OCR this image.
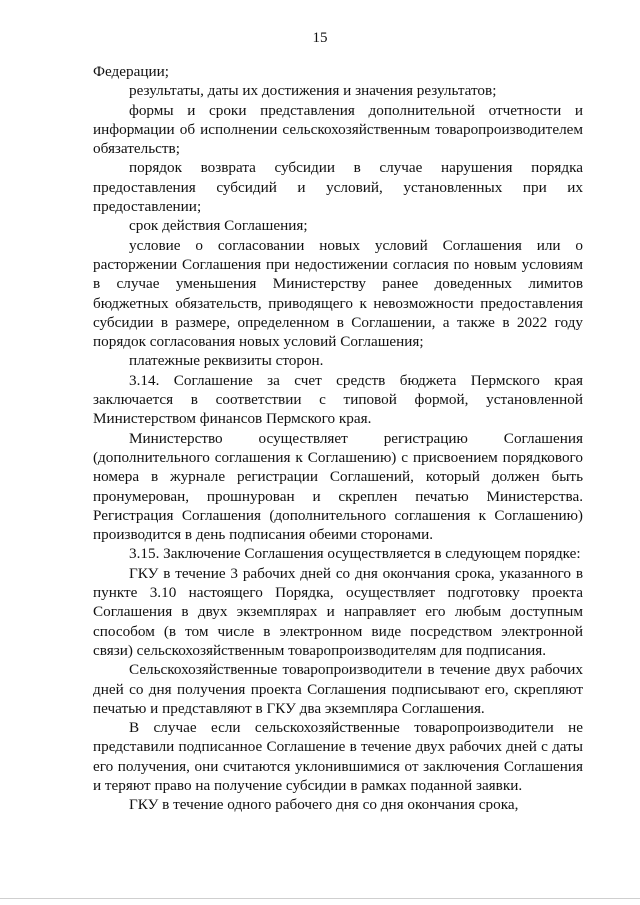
15

Федерации;

результаты, даты их достижения и значения результатов;

формы и сроки представления дополнительной отчетности и информации об исполнении сельскохозяйственным товаропроизводителем обязательств;

порядок возврата субсидии в случае нарушения порядка предоставления субсидий и условий, установленных при их предоставлении;

срок действия Соглашения;

условие о согласовании новых условий Соглашения или о расторжении Соглашения при недостижении согласия по новым условиям в случае уменьшения Министерству ранее доведенных лимитов бюджетных обязательств, приводящего к невозможности предоставления субсидии в размере, определенном в Соглашении, а также в 2022 году порядок согласования новых условий Соглашения;

платежные реквизиты сторон.

3.14. Соглашение за счет средств бюджета Пермского края заключается в соответствии с типовой формой, установленной Министерством финансов Пермского края.

Министерство осуществляет регистрацию Соглашения (дополнительного соглашения к Соглашению) с присвоением порядкового номера в журнале регистрации Соглашений, который должен быть пронумерован, прошнурован и скреплен печатью Министерства. Регистрация Соглашения (дополнительного соглашения к Соглашению) производится в день подписания обеими сторонами.

3.15. Заключение Соглашения осуществляется в следующем порядке:

ГКУ в течение 3 рабочих дней со дня окончания срока, указанного в пункте 3.10 настоящего Порядка, осуществляет подготовку проекта Соглашения в двух экземплярах и направляет его любым доступным способом (в том числе в электронном виде посредством электронной связи) сельскохозяйственным товаропроизводителям для подписания.

Сельскохозяйственные товаропроизводители в течение двух рабочих дней со дня получения проекта Соглашения подписывают его, скрепляют печатью и представляют в ГКУ два экземпляра Соглашения.

В случае если сельскохозяйственные товаропроизводители не представили подписанное Соглашение в течение двух рабочих дней с даты его получения, они считаются уклонившимися от заключения Соглашения и теряют право на получение субсидии в рамках поданной заявки.

ГКУ в течение одного рабочего дня со дня окончания срока,
